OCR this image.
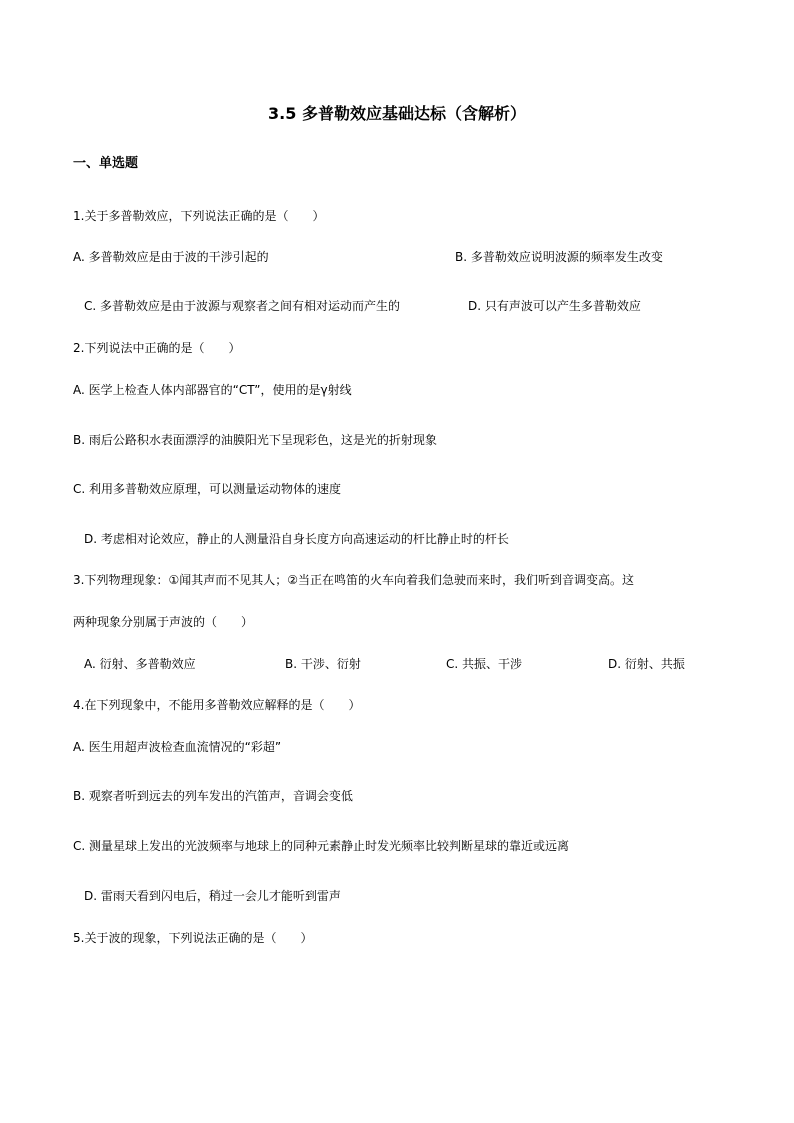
3.5 多普勒效应基础达标（含解析）
一、单选题
1.关于多普勒效应，下列说法正确的是（　　）
A. 多普勒效应是由于波的干涉引起的	B. 多普勒效应说明波源的频率发生改变
C. 多普勒效应是由于波源与观察者之间有相对运动而产生的	D. 只有声波可以产生多普勒效应
2.下列说法中正确的是（　　）
A. 医学上检查人体内部器官的“CT”，使用的是γ射线
B. 雨后公路积水表面漂浮的油膜阳光下呈现彩色，这是光的折射现象
C. 利用多普勒效应原理，可以测量运动物体的速度
D. 考虑相对论效应，静止的人测量沿自身长度方向高速运动的杆比静止时的杆长
3.下列物理现象：①闻其声而不见其人；②当正在鸣笛的火车向着我们急驶而来时，我们听到音调变高。这
两种现象分别属于声波的（　　）
A. 衍射、多普勒效应	B. 干涉、衍射	C. 共振、干涉	D. 衍射、共振
4.在下列现象中，不能用多普勒效应解释的是（　　）
A. 医生用超声波检查血流情况的“彩超”
B. 观察者听到远去的列车发出的汽笛声，音调会变低
C. 测量星球上发出的光波频率与地球上的同种元素静止时发光频率比较判断星球的靠近或远离
D. 雷雨天看到闪电后，稍过一会儿才能听到雷声
5.关于波的现象，下列说法正确的是（　　）
